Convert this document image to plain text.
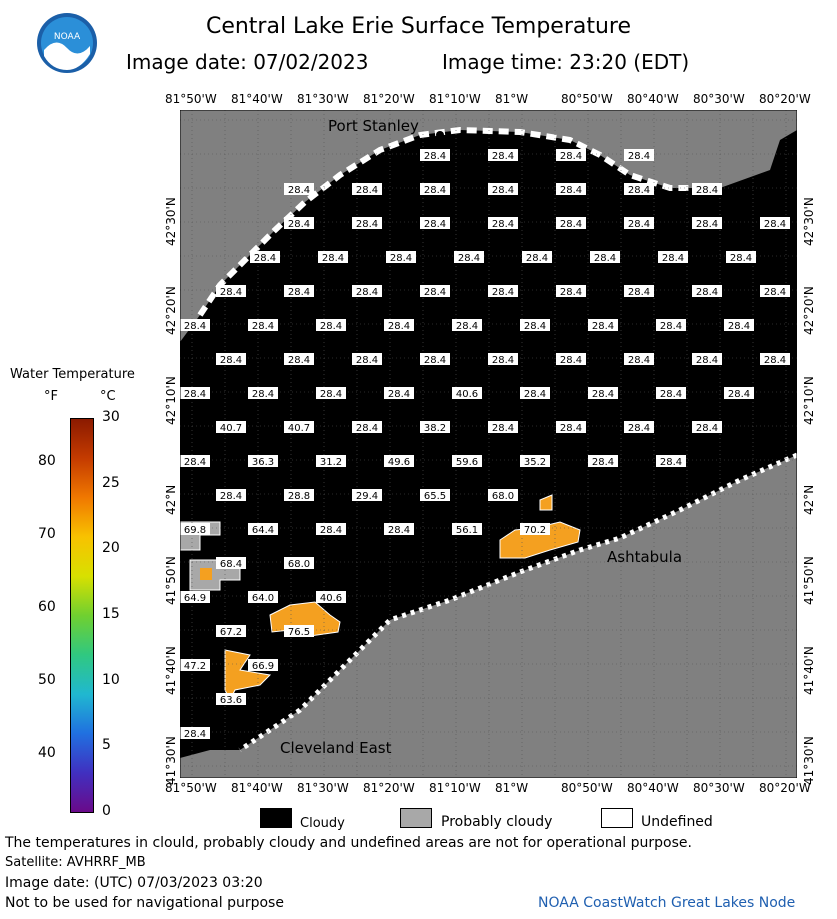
NOAA	Central Lake Erie Surface Temperature
Image date: 07/02/2023	Image time: 23:20 (EDT)
81°50'W 81°40'W 81°30'W 81°20'W 81°10'W 81°W	80°50'W 80°40'W 80°30'W 80°20'W
81°50'W 81°40'W 81°30'W 81°20'W 81°10'W 81°W	80°50'W 80°40'W 80°30'W 80°20'W
42°30'N
42°20'N
42°10'N
42°N
41°50'N
41°40'N
41°30'N
42°30'N
42°20'N
42°10'N
42°N
41°50'N
41°40'N
41°30'N
28.4	28.4	28.4	28.4
28.4	28.4	28.4	28.4	28.4	28.4	28.4
28.4	28.4	28.4	28.4	28.4	28.4	28.4	28.4
28.4	28.4	28.4	28.4	28.4	28.4	28.4	28.4
28.4	28.4	28.4	28.4	28.4	28.4	28.4	28.4	28.4
28.4	28.4	28.4	28.4	28.4	28.4	28.4	28.4	28.4
28.4	28.4	28.4	28.4	28.4	28.4	28.4	28.4	28.4
28.4	28.4	28.4	28.4	40.6	28.4	28.4	28.4	28.4
40.7	40.7	28.4	38.2	28.4	28.4	28.4	28.4
28.4	36.3	31.2	49.6	59.6	35.2	28.4	28.4
28.4	28.8	29.4	65.5	68.0
69.8	64.4	28.4	28.4	56.1	70.2
68.4	68.0
64.9	64.0	40.6
67.2	76.5
47.2	66.9
63.6
28.4
Port Stanley
Ashtabula
Cleveland East
Water Temperature
°F	°C
80
70
60
50
40
30
25
20
15
10
5
0
Cloudy	Probably cloudy	Undefined
The temperatures in clould, probably cloudy and undefined areas are not for operational purpose.
Satellite: AVHRRF_MB
Image date: (UTC) 07/03/2023 03:20
Not to be used for navigational purpose	NOAA CoastWatch Great Lakes Node
